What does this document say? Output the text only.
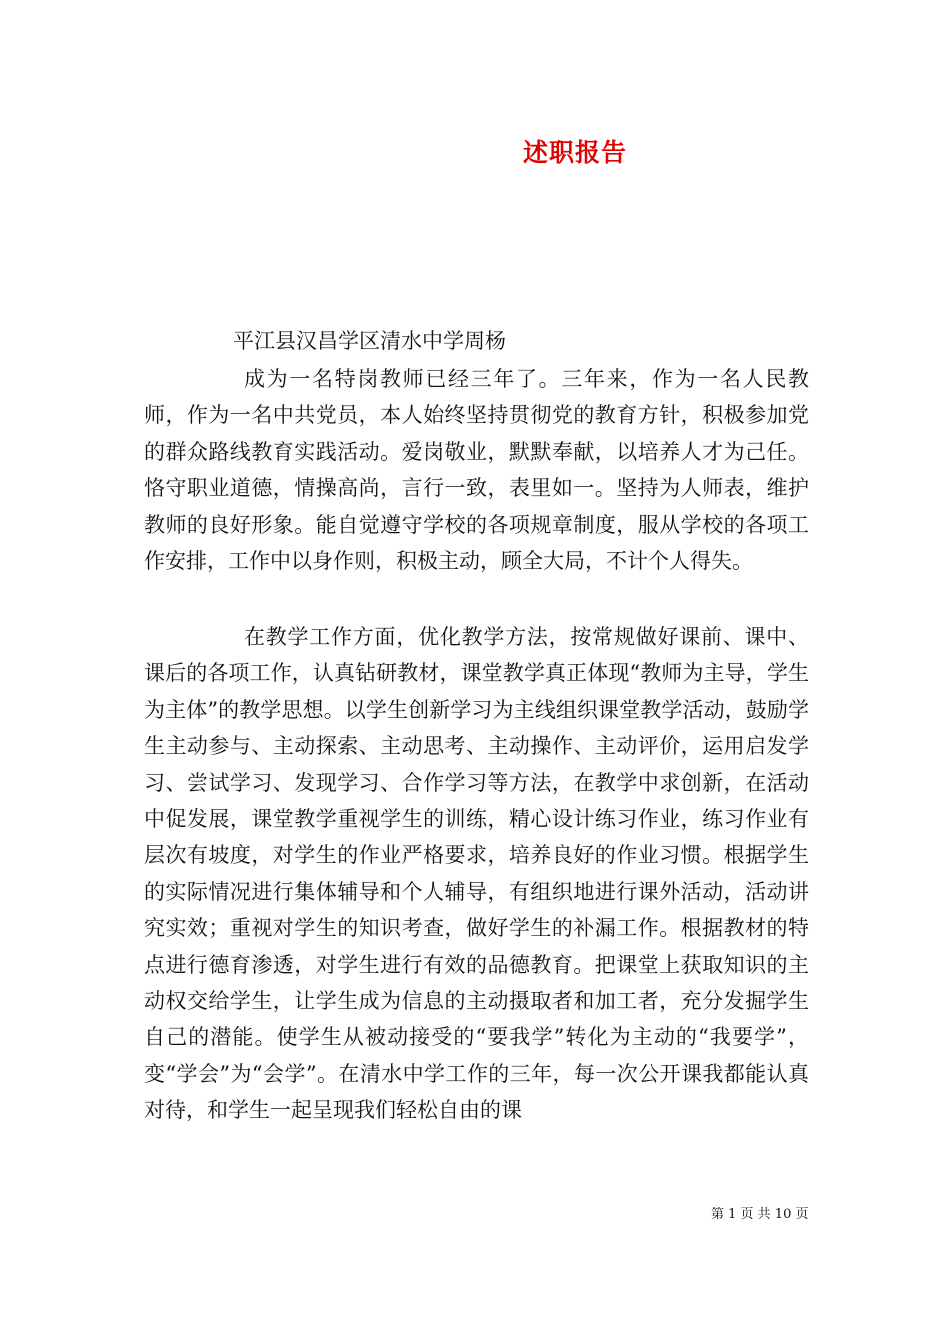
述职报告
平江县汉昌学区清水中学周杨

成为一名特岗教师已经三年了。三年来，作为一名人民教师，作为一名中共党员，本人始终坚持贯彻党的教育方针，积极参加党的群众路线教育实践活动。爱岗敬业，默默奉献，以培养人才为己任。恪守职业道德，情操高尚，言行一致，表里如一。坚持为人师表，维护教师的良好形象。能自觉遵守学校的各项规章制度，服从学校的各项工作安排，工作中以身作则，积极主动，顾全大局，不计个人得失。

在教学工作方面，优化教学方法，按常规做好课前、课中、课后的各项工作，认真钻研教材，课堂教学真正体现“教师为主导，学生为主体”的教学思想。以学生创新学习为主线组织课堂教学活动，鼓励学生主动参与、主动探索、主动思考、主动操作、主动评价，运用启发学习、尝试学习、发现学习、合作学习等方法，在教学中求创新，在活动中促发展，课堂教学重视学生的训练，精心设计练习作业，练习作业有层次有坡度，对学生的作业严格要求，培养良好的作业习惯。根据学生的实际情况进行集体辅导和个人辅导，有组织地进行课外活动，活动讲究实效；重视对学生的知识考查，做好学生的补漏工作。根据教材的特点进行德育渗透，对学生进行有效的品德教育。把课堂上获取知识的主动权交给学生，让学生成为信息的主动摄取者和加工者，充分发掘学生自己的潜能。使学生从被动接受的“要我学”转化为主动的“我要学”，变“学会”为“会学”。在清水中学工作的三年，每一次公开课我都能认真对待，和学生一起呈现我们轻松自由的课

第 1 页 共 10 页
